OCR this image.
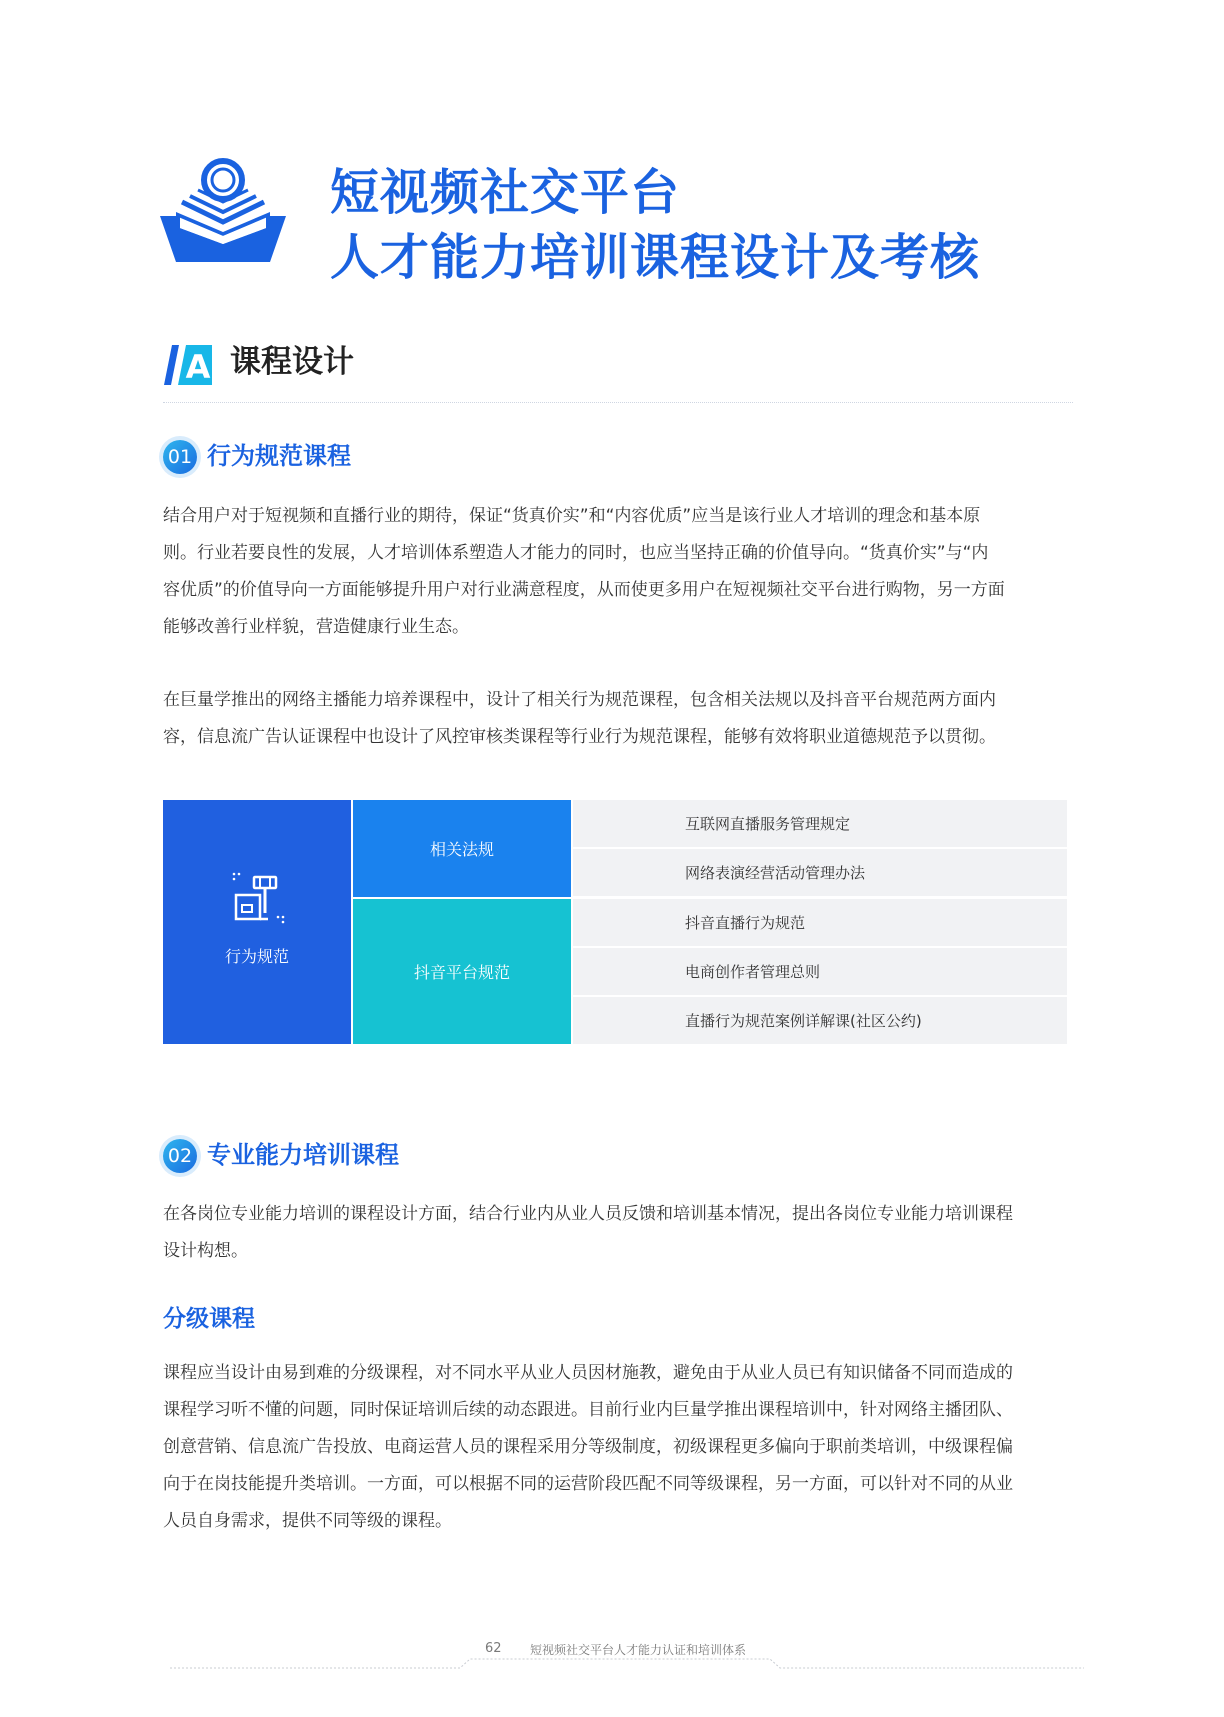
短视频社交平台
人才能力培训课程设计及考核
A 课程设计
01 行为规范课程
结合用户对于短视频和直播行业的期待，保证“货真价实”和“内容优质”应当是该行业人才培训的理念和基本原
则。行业若要良性的发展，人才培训体系塑造人才能力的同时，也应当坚持正确的价值导向。“货真价实”与“内
容优质”的价值导向一方面能够提升用户对行业满意程度，从而使更多用户在短视频社交平台进行购物，另一方面
能够改善行业样貌，营造健康行业生态。
在巨量学推出的网络主播能力培养课程中，设计了相关行为规范课程，包含相关法规以及抖音平台规范两方面内
容，信息流广告认证课程中也设计了风控审核类课程等行业行为规范课程，能够有效将职业道德规范予以贯彻。
行为规范
相关法规
抖音平台规范
互联网直播服务管理规定
网络表演经营活动管理办法
抖音直播行为规范
电商创作者管理总则
直播行为规范案例详解课(社区公约)
02 专业能力培训课程
在各岗位专业能力培训的课程设计方面，结合行业内从业人员反馈和培训基本情况，提出各岗位专业能力培训课程
设计构想。
分级课程
课程应当设计由易到难的分级课程，对不同水平从业人员因材施教，避免由于从业人员已有知识储备不同而造成的
课程学习听不懂的问题，同时保证培训后续的动态跟进。目前行业内巨量学推出课程培训中，针对网络主播团队、
创意营销、信息流广告投放、电商运营人员的课程采用分等级制度，初级课程更多偏向于职前类培训，中级课程偏
向于在岗技能提升类培训。一方面，可以根据不同的运营阶段匹配不同等级课程，另一方面，可以针对不同的从业
人员自身需求，提供不同等级的课程。
62 短视频社交平台人才能力认证和培训体系
